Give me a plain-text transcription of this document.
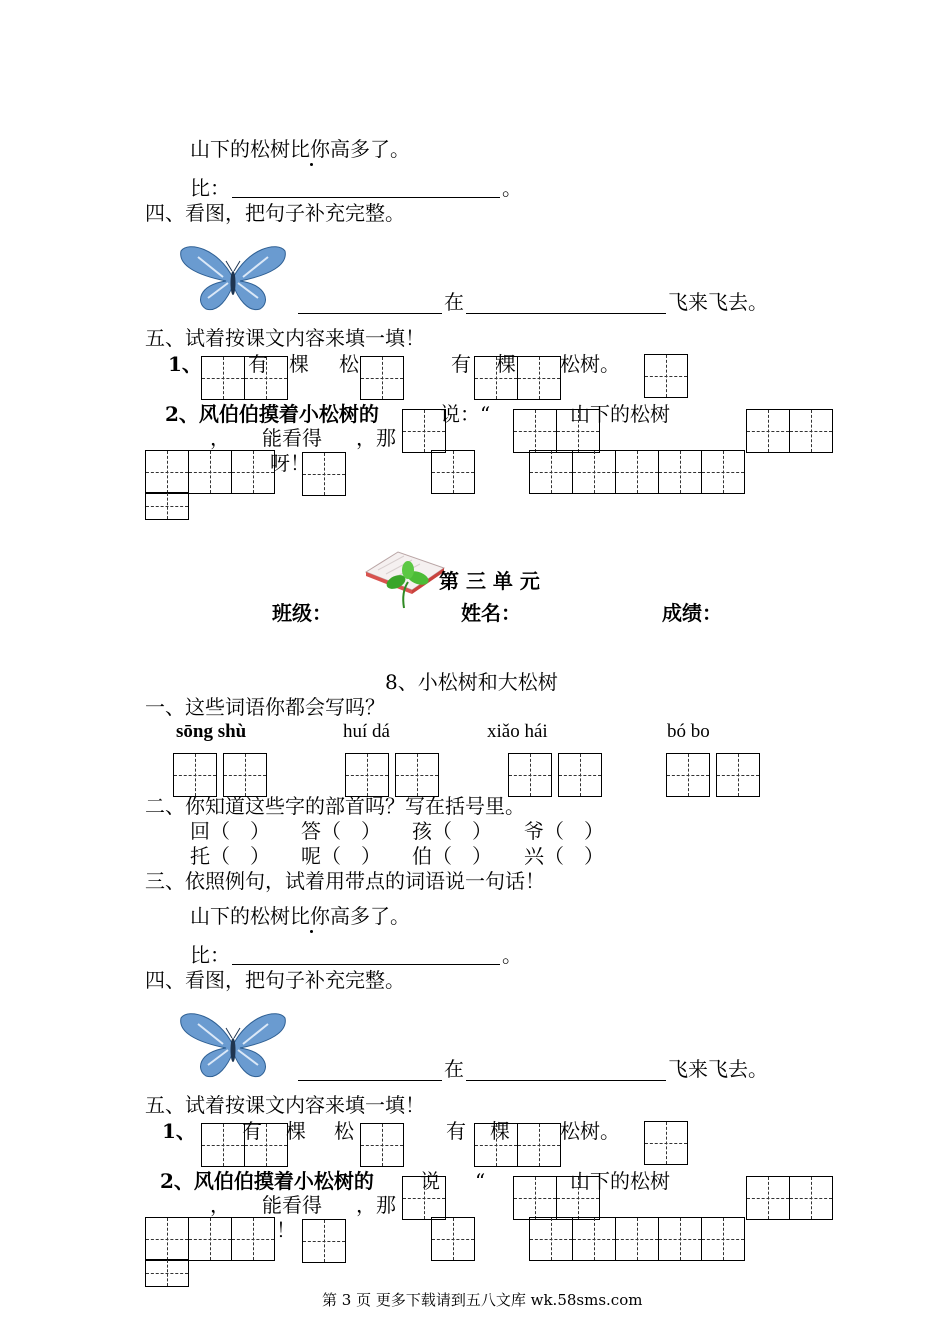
山下的松树比你高多了。
比：	。
四、看图，把句子补充完整。
在	飞来飞去。
五、试着按课文内容来填一填！
1、 有 棵 松	有 棵 松树。
2、风伯伯摸着小松树的	说： “	山下的松树
， 能看得 ，那
呀！
第 三 单 元
班级：	姓名：	成绩：
8、小松树和大松树
一、这些词语你都会写吗？
sōng shù	huí dá	xiǎo hái	bó bo
二、你知道这些字的部首吗？写在括号里。
回（　） 答（　） 孩（　） 爷（　）
托（　） 呢（　） 伯（　） 兴（　）
三、依照例句，试着用带点的词语说一句话！
山下的松树比你高多了。
比：	。
四、看图，把句子补充完整。
在	飞来飞去。
五、试着按课文内容来填一填！
1、 有 棵 松	有 棵	松树。
2、风伯伯摸着小松树的 说 “	山下的松树
， 能看得 ，那
！
第 3 页 更多下载请到五八文库 wk.58sms.com
